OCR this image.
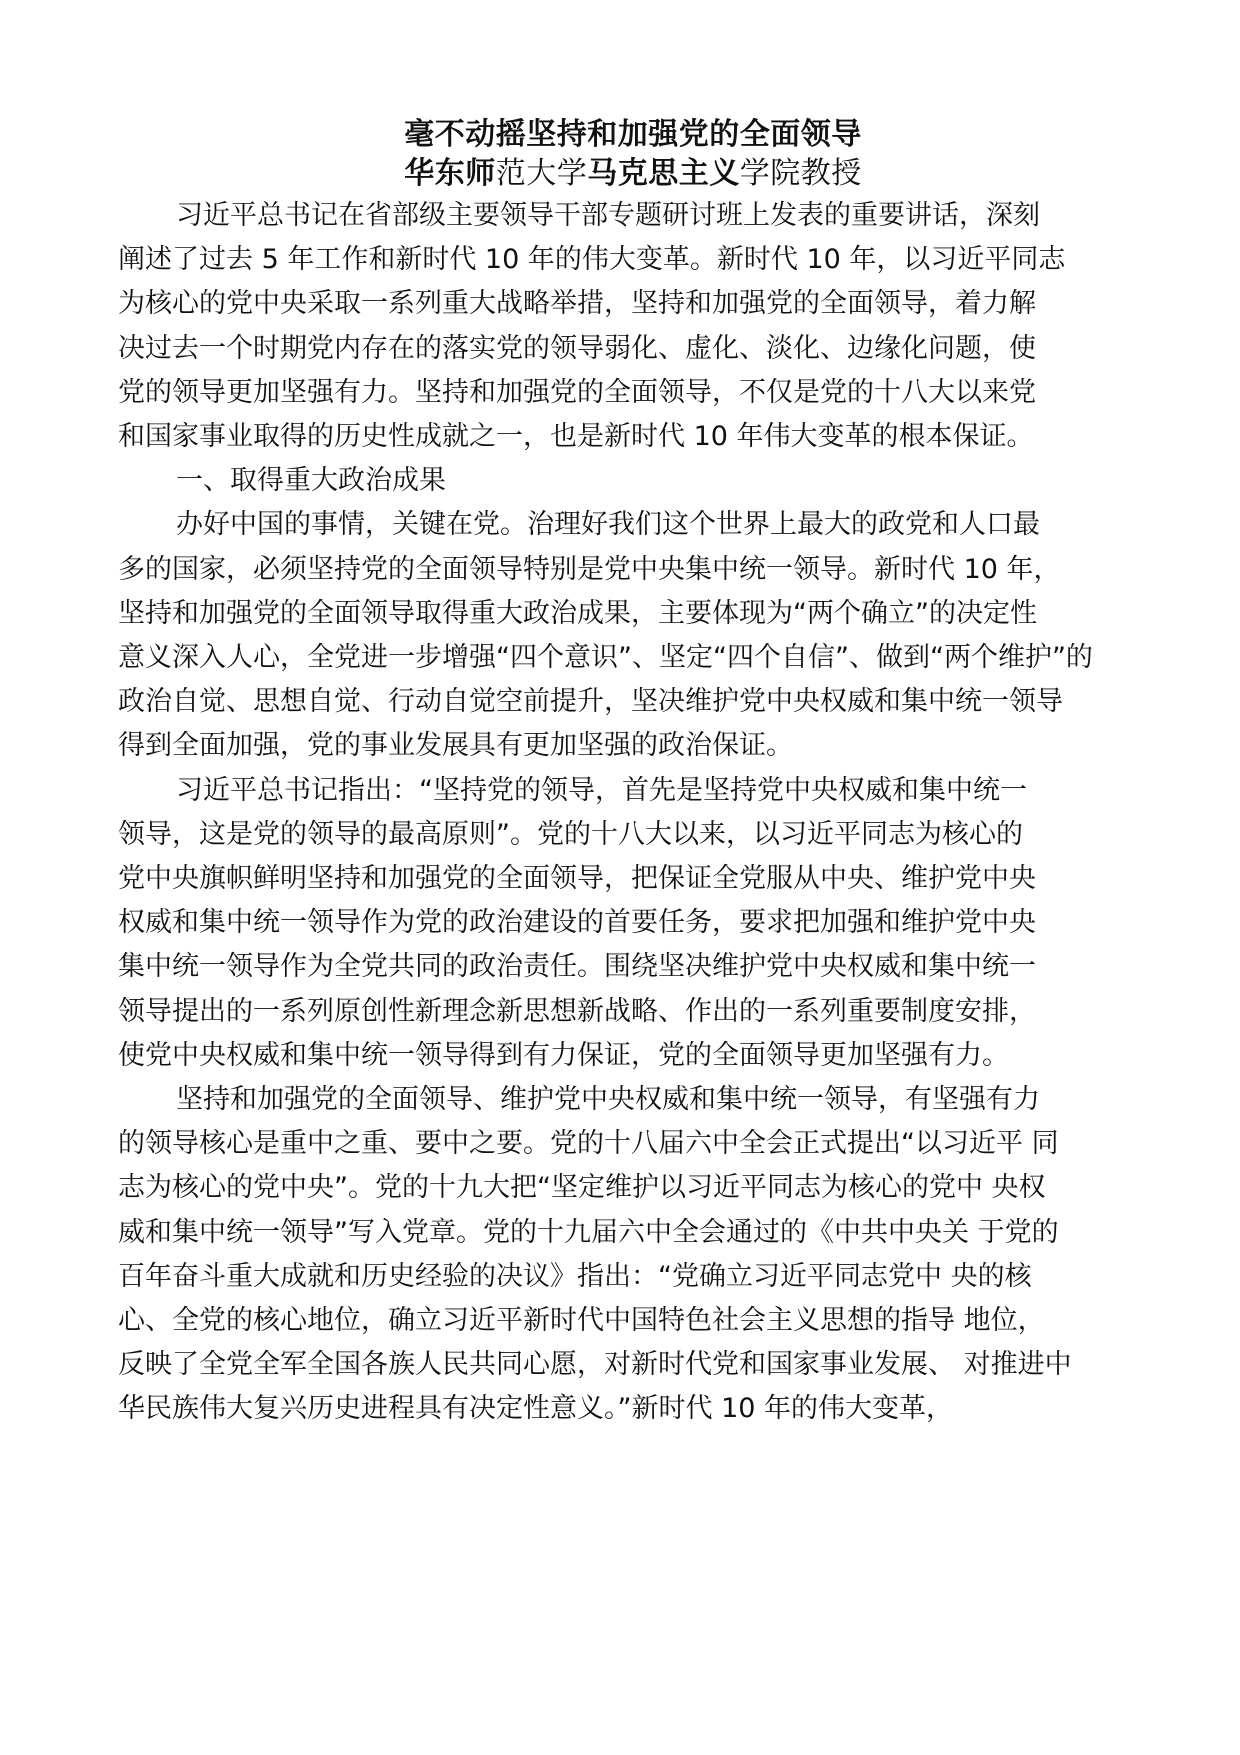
毫不动摇坚持和加强党的全面领导

华东师范大学马克思主义学院教授

习近平总书记在省部级主要领导干部专题研讨班上发表的重要讲话，深刻
阐述了过去 5 年工作和新时代 10 年的伟大变革。新时代 10 年，以习近平同志
为核心的党中央采取一系列重大战略举措，坚持和加强党的全面领导，着力解
决过去一个时期党内存在的落实党的领导弱化、虚化、淡化、边缘化问题，使
党的领导更加坚强有力。坚持和加强党的全面领导，不仅是党的十八大以来党
和国家事业取得的历史性成就之一，也是新时代 10 年伟大变革的根本保证。
一、取得重大政治成果
办好中国的事情，关键在党。治理好我们这个世界上最大的政党和人口最
多的国家，必须坚持党的全面领导特别是党中央集中统一领导。新时代 10 年，
坚持和加强党的全面领导取得重大政治成果，主要体现为“两个确立”的决定性
意义深入人心，全党进一步增强“四个意识”、坚定“四个自信”、做到“两个维护”的
政治自觉、思想自觉、行动自觉空前提升，坚决维护党中央权威和集中统一领导
得到全面加强，党的事业发展具有更加坚强的政治保证。
习近平总书记指出：“坚持党的领导，首先是坚持党中央权威和集中统一
领导，这是党的领导的最高原则”。党的十八大以来，以习近平同志为核心的
党中央旗帜鲜明坚持和加强党的全面领导，把保证全党服从中央、维护党中央
权威和集中统一领导作为党的政治建设的首要任务，要求把加强和维护党中央
集中统一领导作为全党共同的政治责任。围绕坚决维护党中央权威和集中统一
领导提出的一系列原创性新理念新思想新战略、作出的一系列重要制度安排，
使党中央权威和集中统一领导得到有力保证，党的全面领导更加坚强有力。
坚持和加强党的全面领导、维护党中央权威和集中统一领导，有坚强有力
的领导核心是重中之重、要中之要。党的十八届六中全会正式提出“以习近平 同
志为核心的党中央”。党的十九大把“坚定维护以习近平同志为核心的党中 央权
威和集中统一领导”写入党章。党的十九届六中全会通过的《中共中央关 于党的
百年奋斗重大成就和历史经验的决议》指出：“党确立习近平同志党中 央的核
心、全党的核心地位，确立习近平新时代中国特色社会主义思想的指导 地位，
反映了全党全军全国各族人民共同心愿，对新时代党和国家事业发展、 对推进中
华民族伟大复兴历史进程具有决定性意义。”新时代 10 年的伟大变革，
